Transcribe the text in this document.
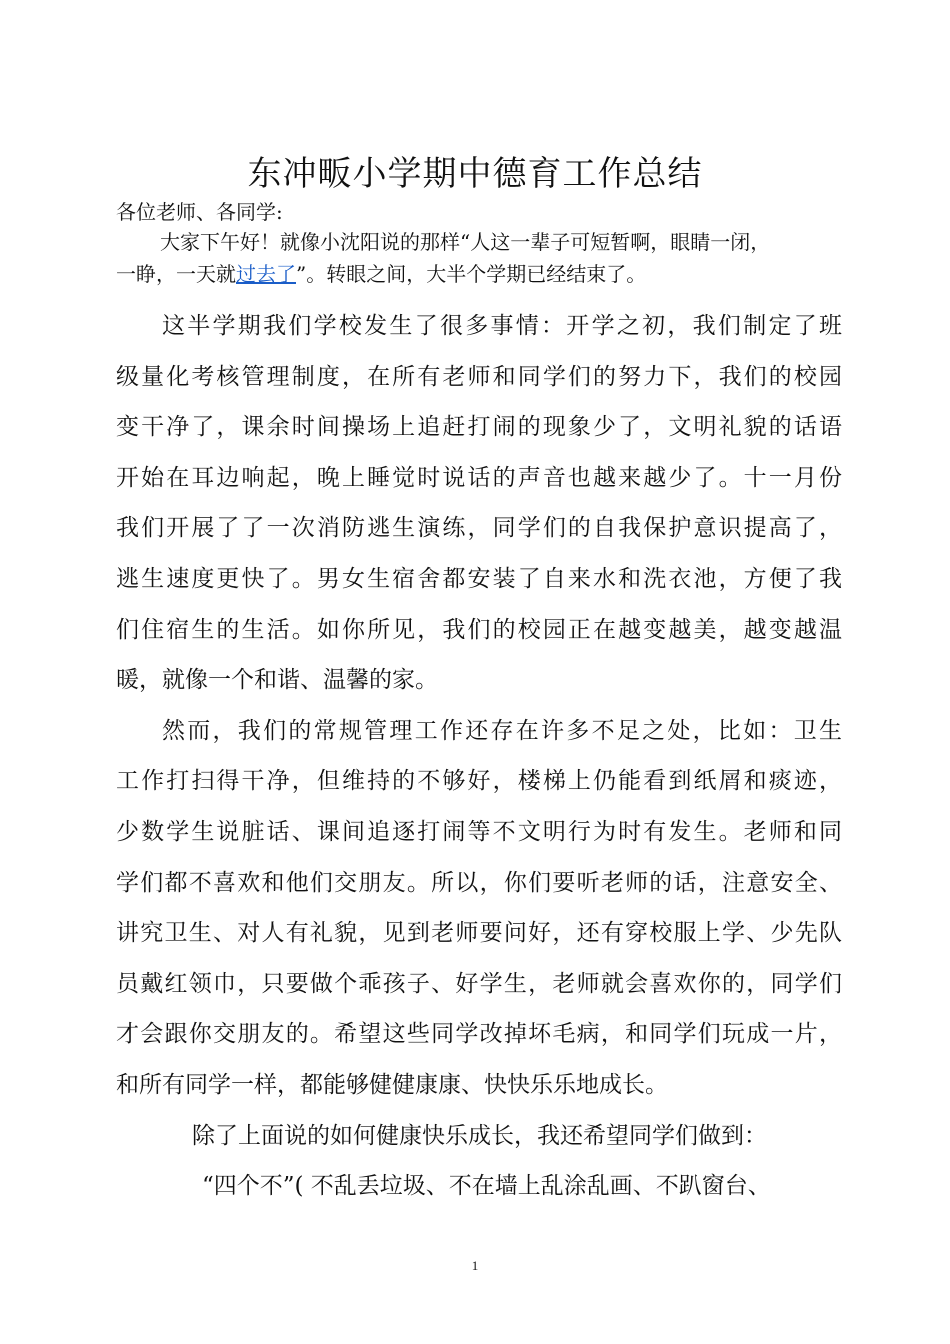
东冲畈小学期中德育工作总结
各位老师、各同学:
大家下午好！就像小沈阳说的那样“人这一辈子可短暂啊，眼睛一闭，
一睁，一天就过去了”。转眼之间，大半个学期已经结束了。
这半学期我们学校发生了很多事情：开学之初，我们制定了班
级量化考核管理制度，在所有老师和同学们的努力下，我们的校园
变干净了，课余时间操场上追赶打闹的现象少了，文明礼貌的话语
开始在耳边响起，晚上睡觉时说话的声音也越来越少了。十一月份
我们开展了了一次消防逃生演练，同学们的自我保护意识提高了，
逃生速度更快了。男女生宿舍都安装了自来水和洗衣池，方便了我
们住宿生的生活。如你所见，我们的校园正在越变越美，越变越温
暖，就像一个和谐、温馨的家。
然而，我们的常规管理工作还存在许多不足之处，比如：卫生
工作打扫得干净，但维持的不够好，楼梯上仍能看到纸屑和痰迹，
少数学生说脏话、课间追逐打闹等不文明行为时有发生。老师和同
学们都不喜欢和他们交朋友。所以，你们要听老师的话，注意安全、
讲究卫生、对人有礼貌，见到老师要问好，还有穿校服上学、少先队
员戴红领巾，只要做个乖孩子、好学生，老师就会喜欢你的，同学们
才会跟你交朋友的。希望这些同学改掉坏毛病，和同学们玩成一片，
和所有同学一样，都能够健健康康、快快乐乐地成长。
除了上面说的如何健康快乐成长，我还希望同学们做到：
“四个不”( 不乱丢垃圾、不在墙上乱涂乱画、不趴窗台、
1
